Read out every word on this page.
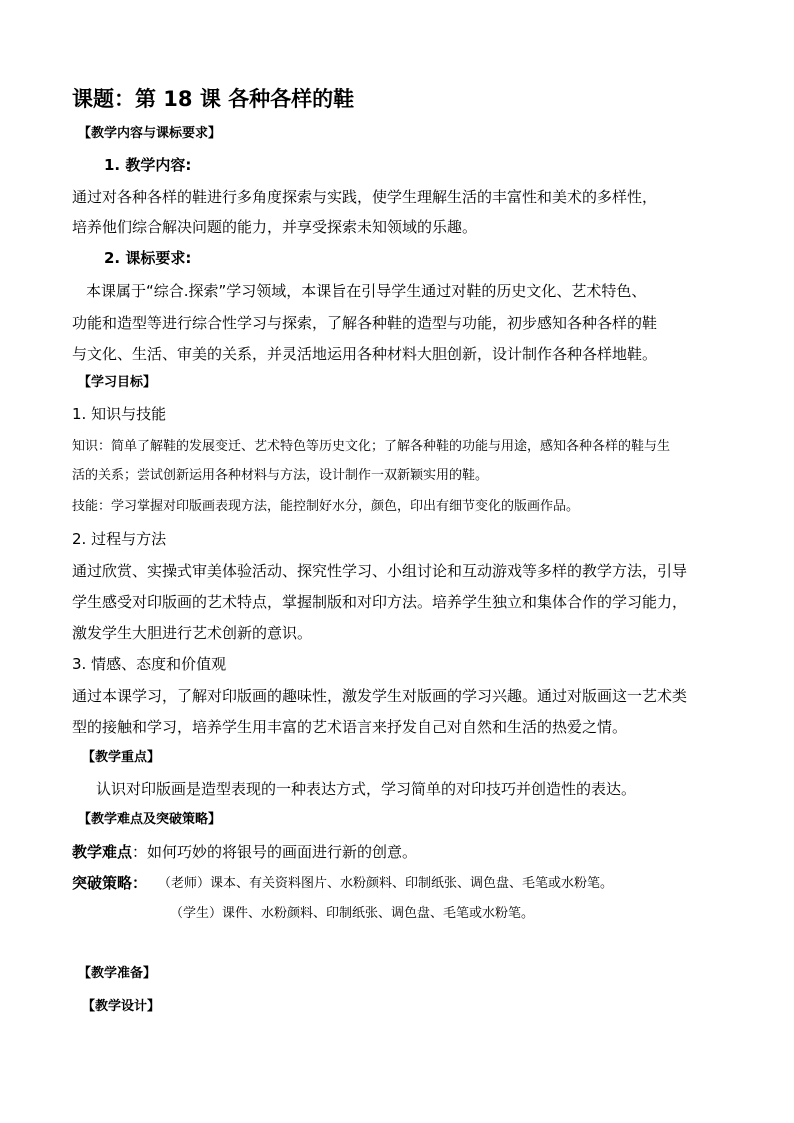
课题：第 18 课 各种各样的鞋
【教学内容与课标要求】
1. 教学内容:
通过对各种各样的鞋进行多角度探索与实践，使学生理解生活的丰富性和美术的多样性，
培养他们综合解决问题的能力，并享受探索未知领域的乐趣。
2. 课标要求:
本课属于“综合.探索”学习领域，本课旨在引导学生通过对鞋的历史文化、艺术特色、
功能和造型等进行综合性学习与探索，了解各种鞋的造型与功能，初步感知各种各样的鞋
与文化、生活、审美的关系，并灵活地运用各种材料大胆创新，设计制作各种各样地鞋。
【学习目标】
1. 知识与技能
知识：简单了解鞋的发展变迁、艺术特色等历史文化；了解各种鞋的功能与用途，感知各种各样的鞋与生
活的关系；尝试创新运用各种材料与方法，设计制作一双新颖实用的鞋。
技能：学习掌握对印版画表现方法，能控制好水分，颜色，印出有细节变化的版画作品。
2. 过程与方法
通过欣赏、实操式审美体验活动、探究性学习、小组讨论和互动游戏等多样的教学方法，引导
学生感受对印版画的艺术特点，掌握制版和对印方法。培养学生独立和集体合作的学习能力，
激发学生大胆进行艺术创新的意识。
3. 情感、态度和价值观
通过本课学习，了解对印版画的趣味性，激发学生对版画的学习兴趣。通过对版画这一艺术类
型的接触和学习，培养学生用丰富的艺术语言来抒发自己对自然和生活的热爱之情。
【教学重点】
认识对印版画是造型表现的一种表达方式，学习简单的对印技巧并创造性的表达。
【教学难点及突破策略】
教学难点：如何巧妙的将银号的画面进行新的创意。
突破策略： （老师）课本、有关资料图片、水粉颜料、印制纸张、调色盘、毛笔或水粉笔。
（学生）课件、水粉颜料、印制纸张、调色盘、毛笔或水粉笔。
【教学准备】
【教学设计】
